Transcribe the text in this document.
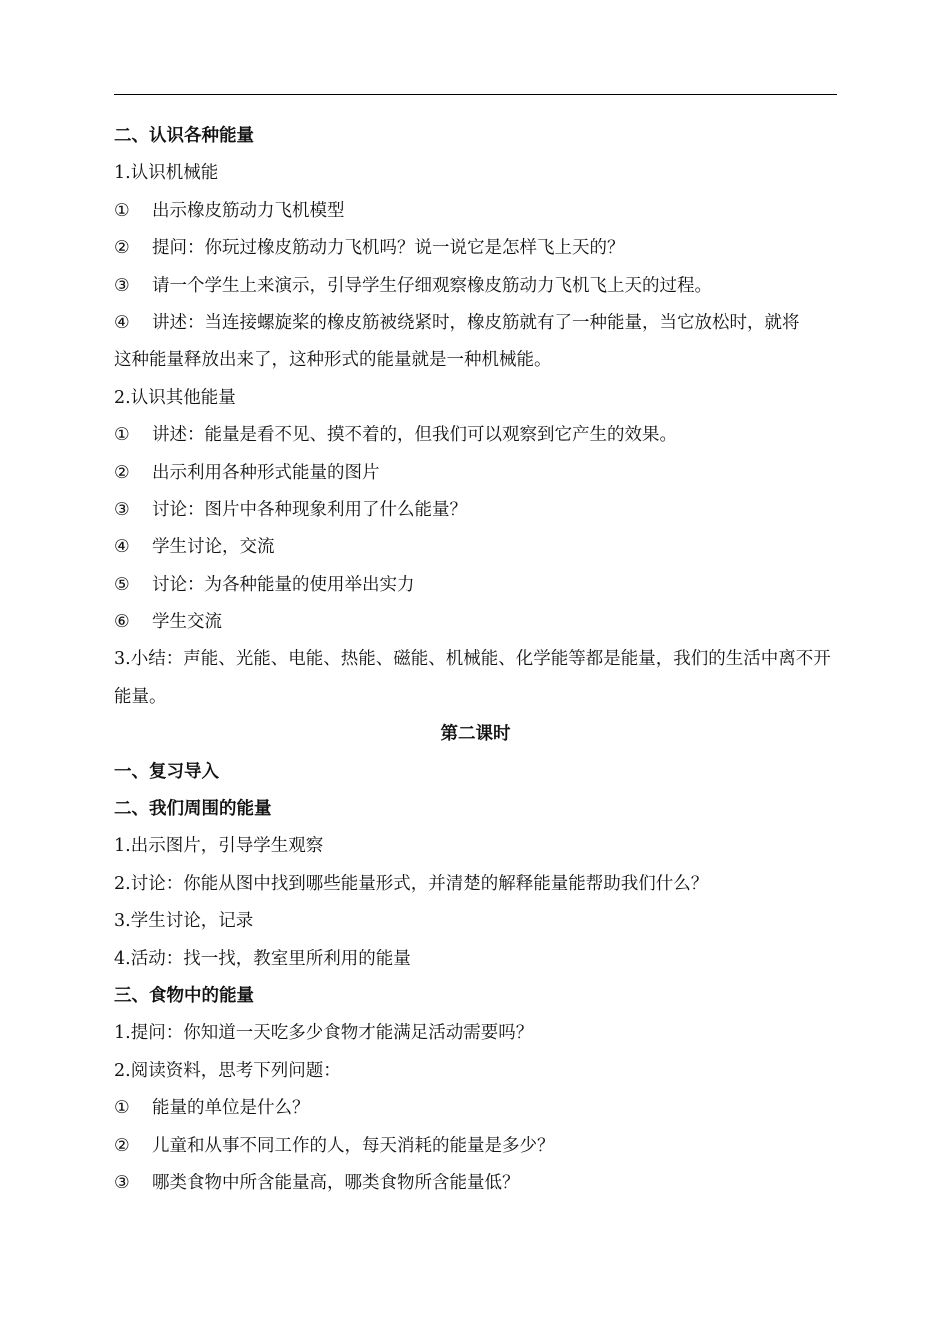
二、认识各种能量
1.认识机械能
①	出示橡皮筋动力飞机模型
②	提问：你玩过橡皮筋动力飞机吗？说一说它是怎样飞上天的？
③	请一个学生上来演示，引导学生仔细观察橡皮筋动力飞机飞上天的过程。
④	讲述：当连接螺旋桨的橡皮筋被绕紧时，橡皮筋就有了一种能量，当它放松时，就将
这种能量释放出来了，这种形式的能量就是一种机械能。
2.认识其他能量
①	讲述：能量是看不见、摸不着的，但我们可以观察到它产生的效果。
②	出示利用各种形式能量的图片
③	讨论：图片中各种现象利用了什么能量？
④	学生讨论，交流
⑤	讨论：为各种能量的使用举出实力
⑥	学生交流
3.小结：声能、光能、电能、热能、磁能、机械能、化学能等都是能量，我们的生活中离不开
能量。
第二课时
一、复习导入
二、我们周围的能量
1.出示图片，引导学生观察
2.讨论：你能从图中找到哪些能量形式，并清楚的解释能量能帮助我们什么？
3.学生讨论，记录
4.活动：找一找，教室里所利用的能量
三、食物中的能量
1.提问：你知道一天吃多少食物才能满足活动需要吗？
2.阅读资料，思考下列问题：
①	能量的单位是什么？
②	儿童和从事不同工作的人，每天消耗的能量是多少？
③	哪类食物中所含能量高，哪类食物所含能量低？
